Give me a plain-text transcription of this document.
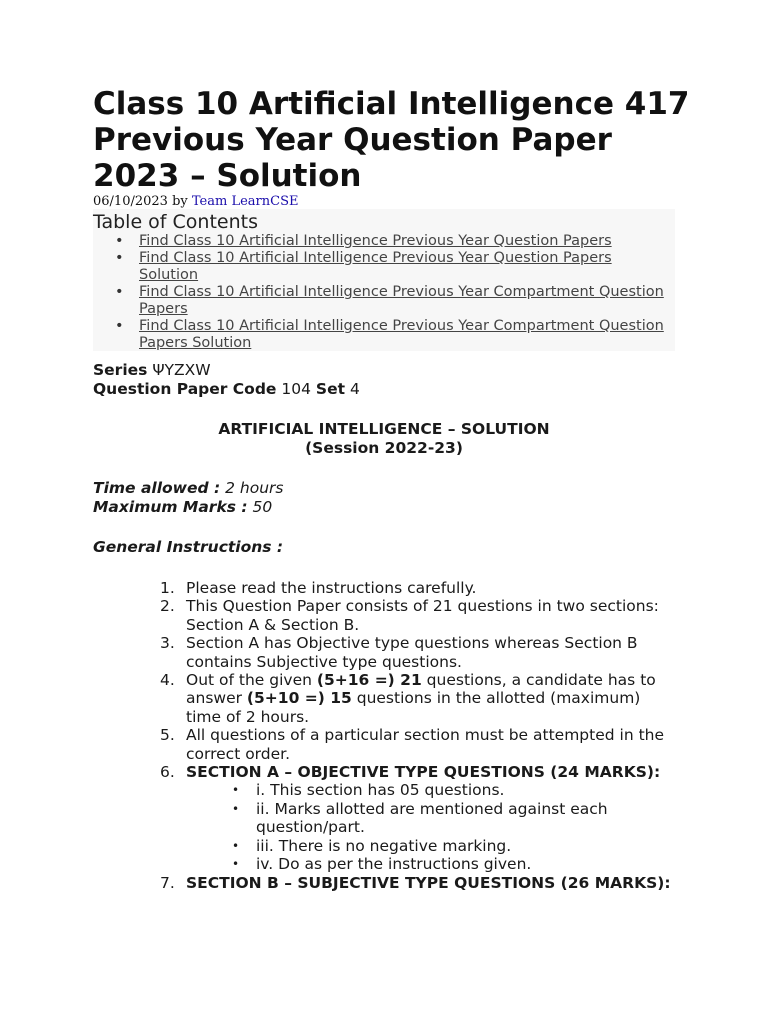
Class 10 Artificial Intelligence 417 Previous Year Question Paper 2023 – Solution

06/10/2023 by Team LearnCSE

Table of Contents
• Find Class 10 Artificial Intelligence Previous Year Question Papers
• Find Class 10 Artificial Intelligence Previous Year Question Papers Solution
• Find Class 10 Artificial Intelligence Previous Year Compartment Question Papers
• Find Class 10 Artificial Intelligence Previous Year Compartment Question Papers Solution

Series ΨYZXW
Question Paper Code 104 Set 4

ARTIFICIAL INTELLIGENCE – SOLUTION
(Session 2022-23)

Time allowed : 2 hours
Maximum Marks : 50

General Instructions :

1. Please read the instructions carefully.
2. This Question Paper consists of 21 questions in two sections: Section A & Section B.
3. Section A has Objective type questions whereas Section B contains Subjective type questions.
4. Out of the given (5+16 =) 21 questions, a candidate has to answer (5+10 =) 15 questions in the allotted (maximum) time of 2 hours.
5. All questions of a particular section must be attempted in the correct order.
6. SECTION A – OBJECTIVE TYPE QUESTIONS (24 MARKS):
• i. This section has 05 questions.
• ii. Marks allotted are mentioned against each question/part.
• iii. There is no negative marking.
• iv. Do as per the instructions given.
7. SECTION B – SUBJECTIVE TYPE QUESTIONS (26 MARKS):
